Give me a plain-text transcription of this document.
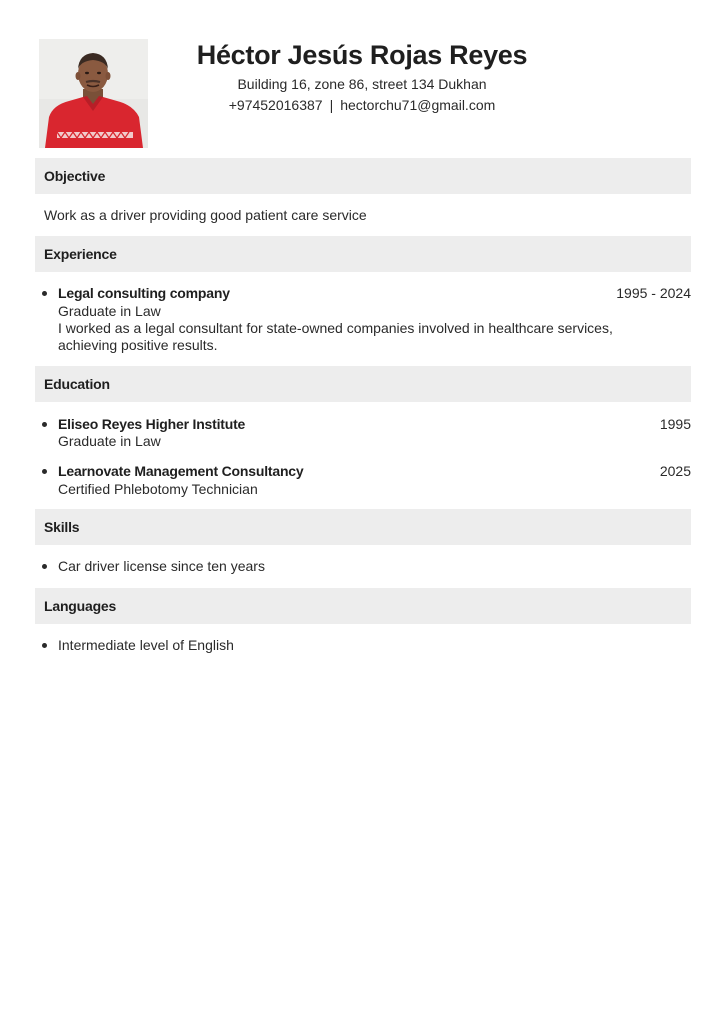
Héctor Jesús Rojas Reyes
Building 16, zone 86, street 134 Dukhan
+97452016387 | hectorchu71@gmail.com
Objective
Work as a driver providing good patient care service
Experience
Legal consulting company	1995 - 2024
Graduate in Law
I worked as a legal consultant for state-owned companies involved in healthcare services,
achieving positive results.
Education
Eliseo Reyes Higher Institute	1995
Graduate in Law
Learnovate Management Consultancy	2025
Certified Phlebotomy Technician
Skills
Car driver license since ten years
Languages
Intermediate level of English
